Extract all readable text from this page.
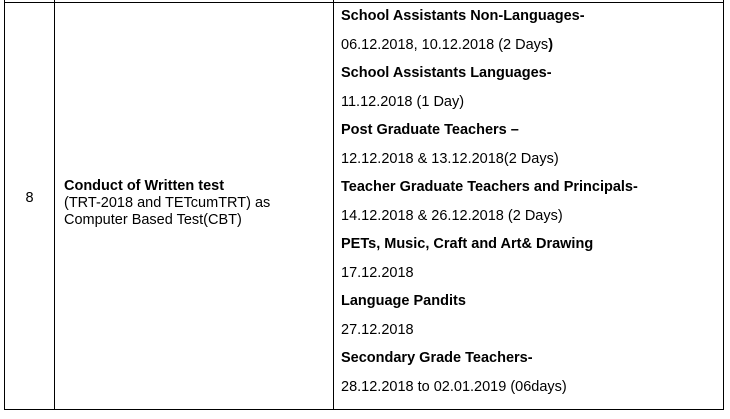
8
Conduct of Written test
(TRT-2018 and TETcumTRT) as Computer Based Test(CBT)
School Assistants Non-Languages-
06.12.2018, 10.12.2018 (2 Days)
School Assistants Languages-
11.12.2018 (1 Day)
Post Graduate Teachers –
12.12.2018 & 13.12.2018(2 Days)
Teacher Graduate Teachers and Principals-
14.12.2018 & 26.12.2018 (2 Days)
PETs, Music, Craft and Art& Drawing
17.12.2018
Language Pandits
27.12.2018
Secondary Grade Teachers-
28.12.2018 to 02.01.2019 (06days)
